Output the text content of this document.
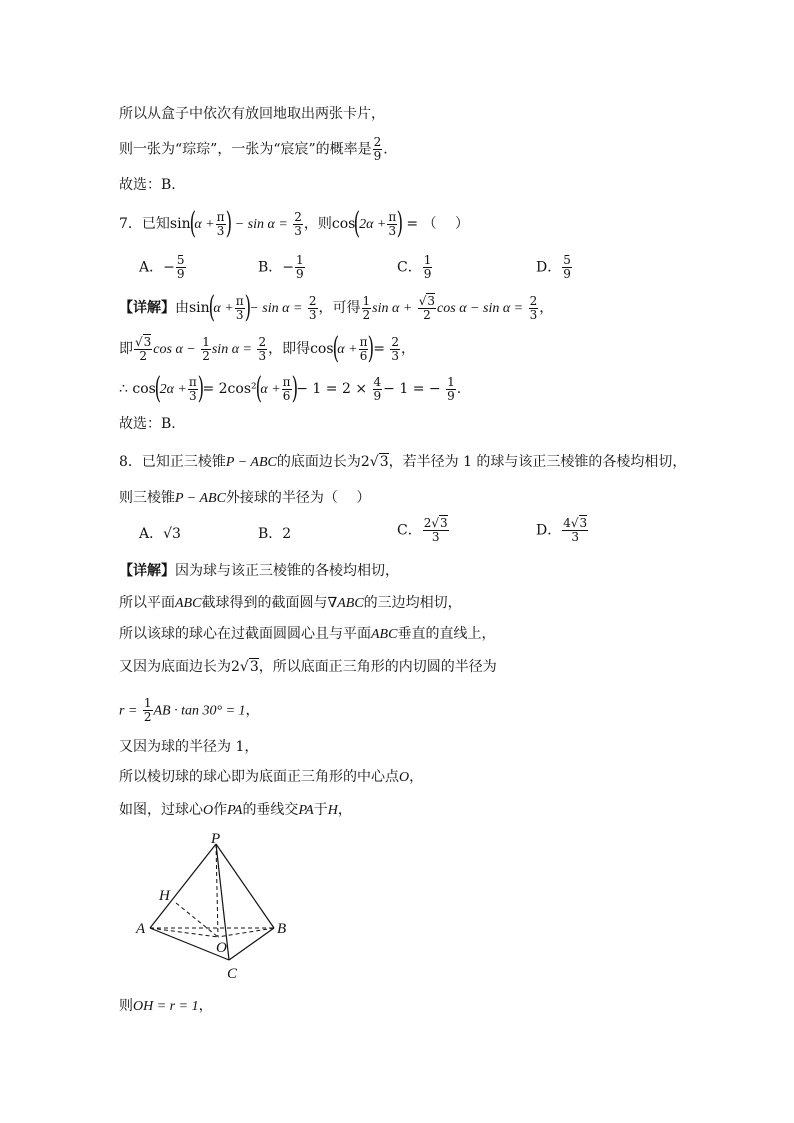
所以从盒子中依次有放回地取出两张卡片，
则一张为“琮琮”，一张为“宸宸”的概率是 $\frac{2}{9}$ .
故选：B.
7．已知$\sin(\alpha + \frac{\pi}{3}$ ) − $\sin \alpha = \frac{2}{3}$ ，则$\cos(2\alpha + \frac{\pi}{3}$ ) = （　 ）
A．− $\frac{5}{9}$	B．− $\frac{1}{9}$	C． $\frac{1}{9}$	D． $\frac{5}{9}$
【详解】由$\sin(\alpha + \frac{\pi}{3}$ )− $\sin \alpha = \frac{2}{3}$ ，可得 $\frac{1}{2}$ $\sin \alpha + \frac{√3}{2}$ $\cos \alpha - \sin \alpha = \frac{2}{3}$ ，
即 $\frac{√3}{2}$ $\cos \alpha - \frac{1}{2}$ $\sin \alpha = \frac{2}{3}$ ，即得$\cos(\alpha + \frac{\pi}{6}$ )= $\frac{2}{3}$ ，
∴ $\cos(2\alpha + \frac{\pi}{3}$ )= $2\cos^2(\alpha + \frac{\pi}{6}$ )− $1 = 2 \times \frac{4}{9} - 1$ = − $\frac{1}{9}$ .
故选：B.
8．已知正三棱锥P − ABC的底面边长为2√3，若半径为 1 的球与该正三棱锥的各棱均相切，
则三棱锥P − ABC外接球的半径为（　 ）
A．√3	B．2	C． $\frac{2√3}{3}$	D． $\frac{4√3}{3}$
【详解】因为球与该正三棱锥的各棱均相切，
所以平面ABC截球得到的截面圆与∇ABC的三边均相切，
所以该球的球心在过截面圆圆心且与平面ABC垂直的直线上，
又因为底面边长为2√3，所以底面正三角形的内切圆的半径为
$r = \frac{1}{2}$ AB · tan 30° = 1，
又因为球的半径为 1，
所以棱切球的球心即为底面正三角形的中心点O，
如图，过球心O作PA的垂线交PA于H，
P
H
A	B
O
C
则OH = r = 1，
